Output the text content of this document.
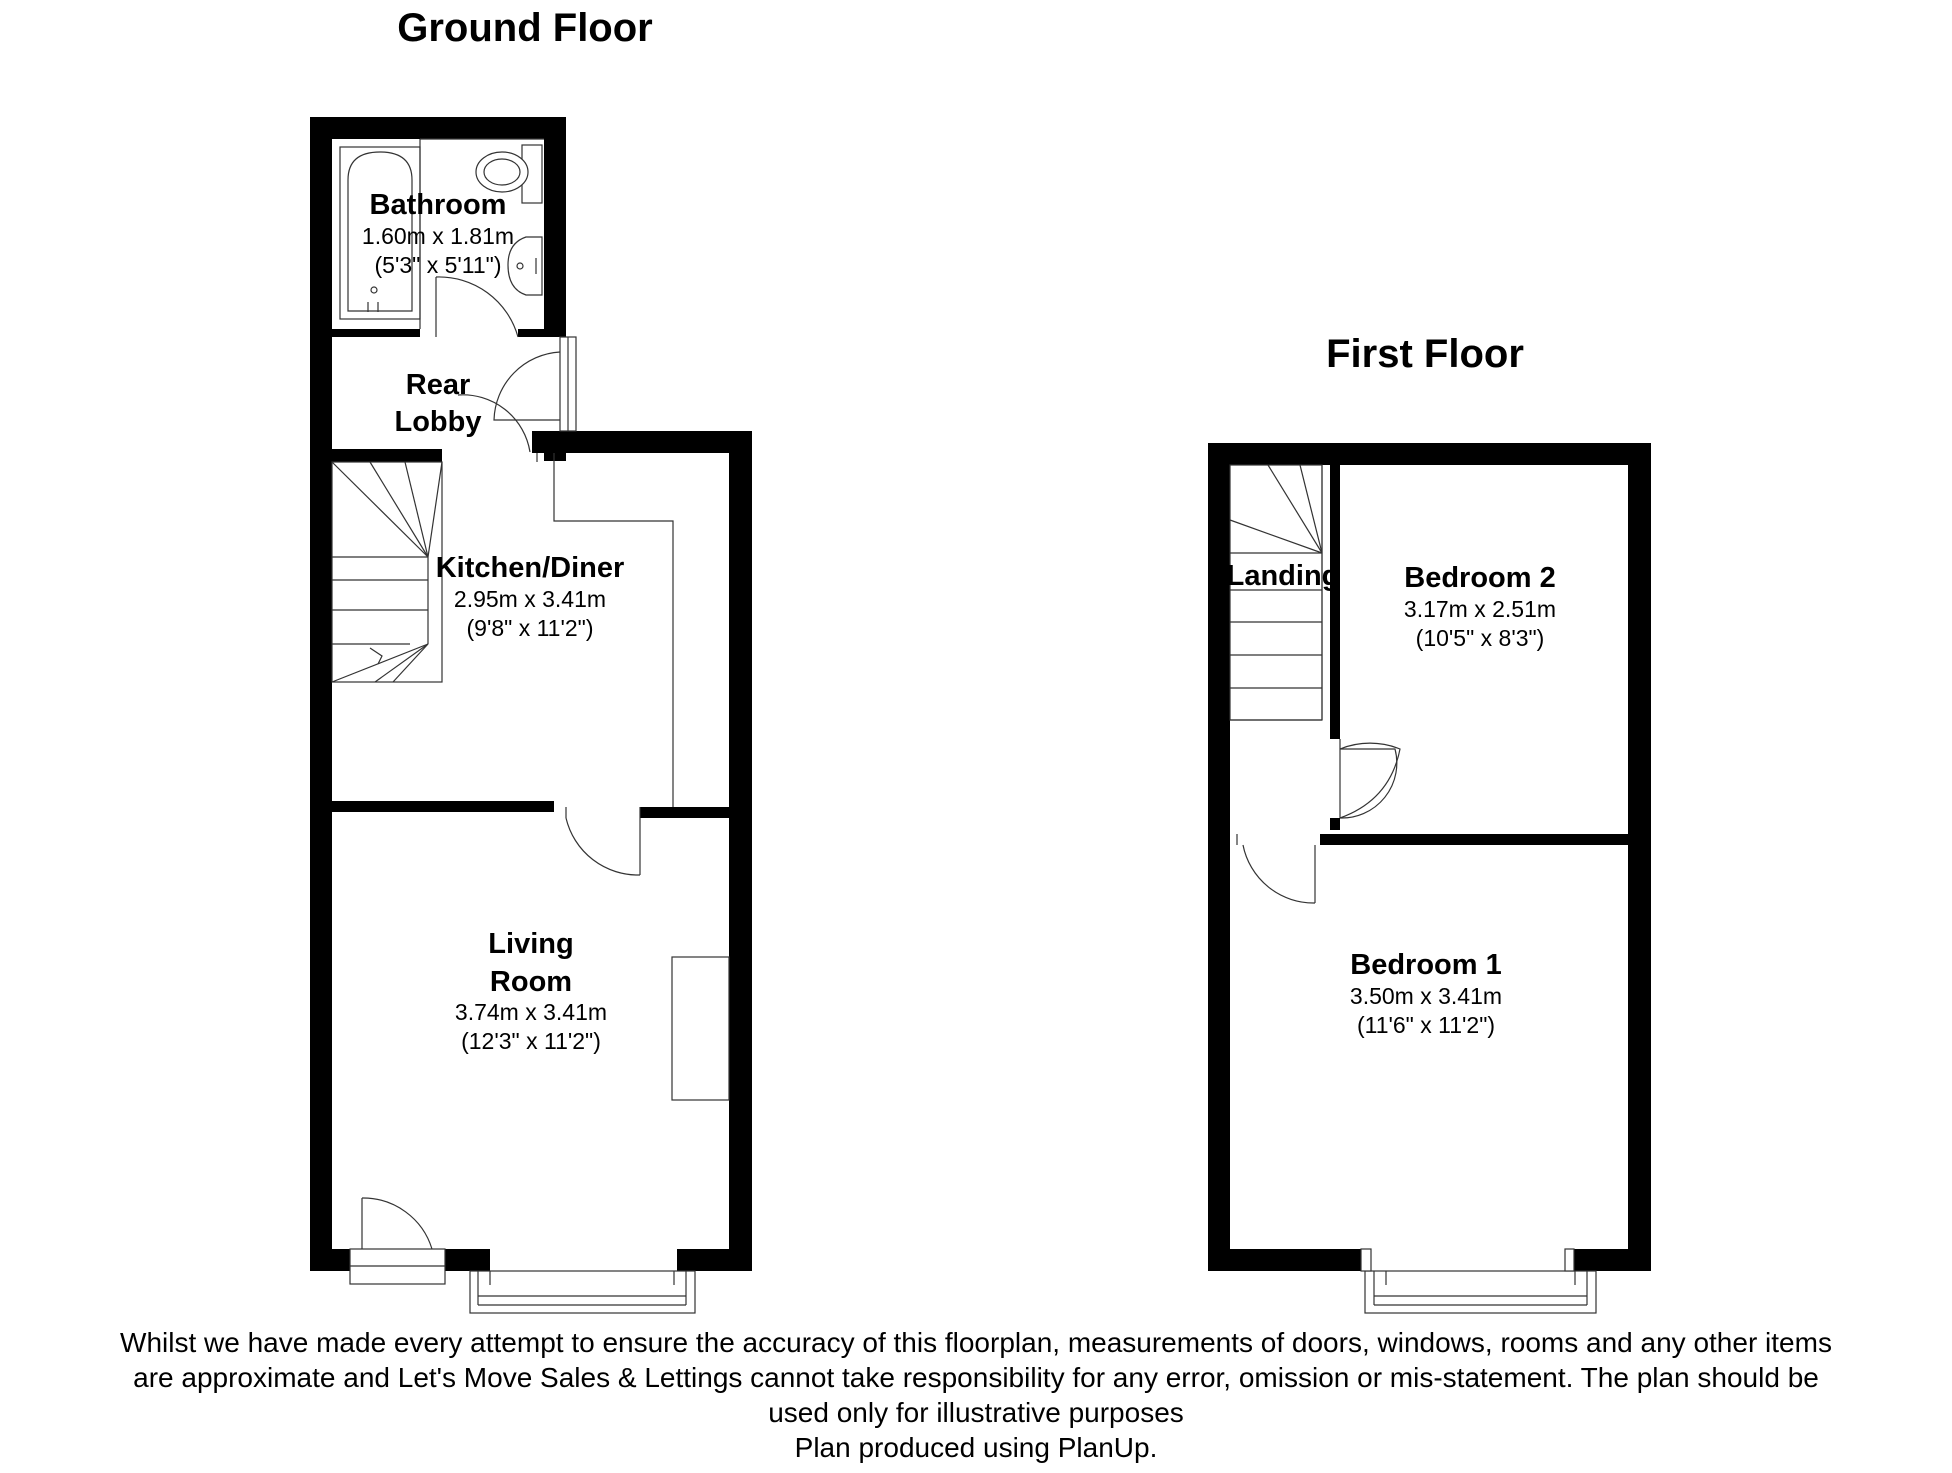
Ground Floor
Bathroom
1.60m x 1.81m
(5'3" x 5'11")
Rear
Lobby
Kitchen/Diner
2.95m x 3.41m
(9'8" x 11'2")
Living
Room
3.74m x 3.41m
(12'3" x 11'2")
First Floor
Landing Bedroom 2
3.17m x 2.51m
(10'5" x 8'3")
Bedroom 1
3.50m x 3.41m
(11'6" x 11'2")
Whilst we have made every attempt to ensure the accuracy of this floorplan, measurements of doors, windows, rooms and any other items
are approximate and Let's Move Sales & Lettings cannot take responsibility for any error, omission or mis-statement. The plan should be
used only for illustrative purposes
Plan produced using PlanUp.
